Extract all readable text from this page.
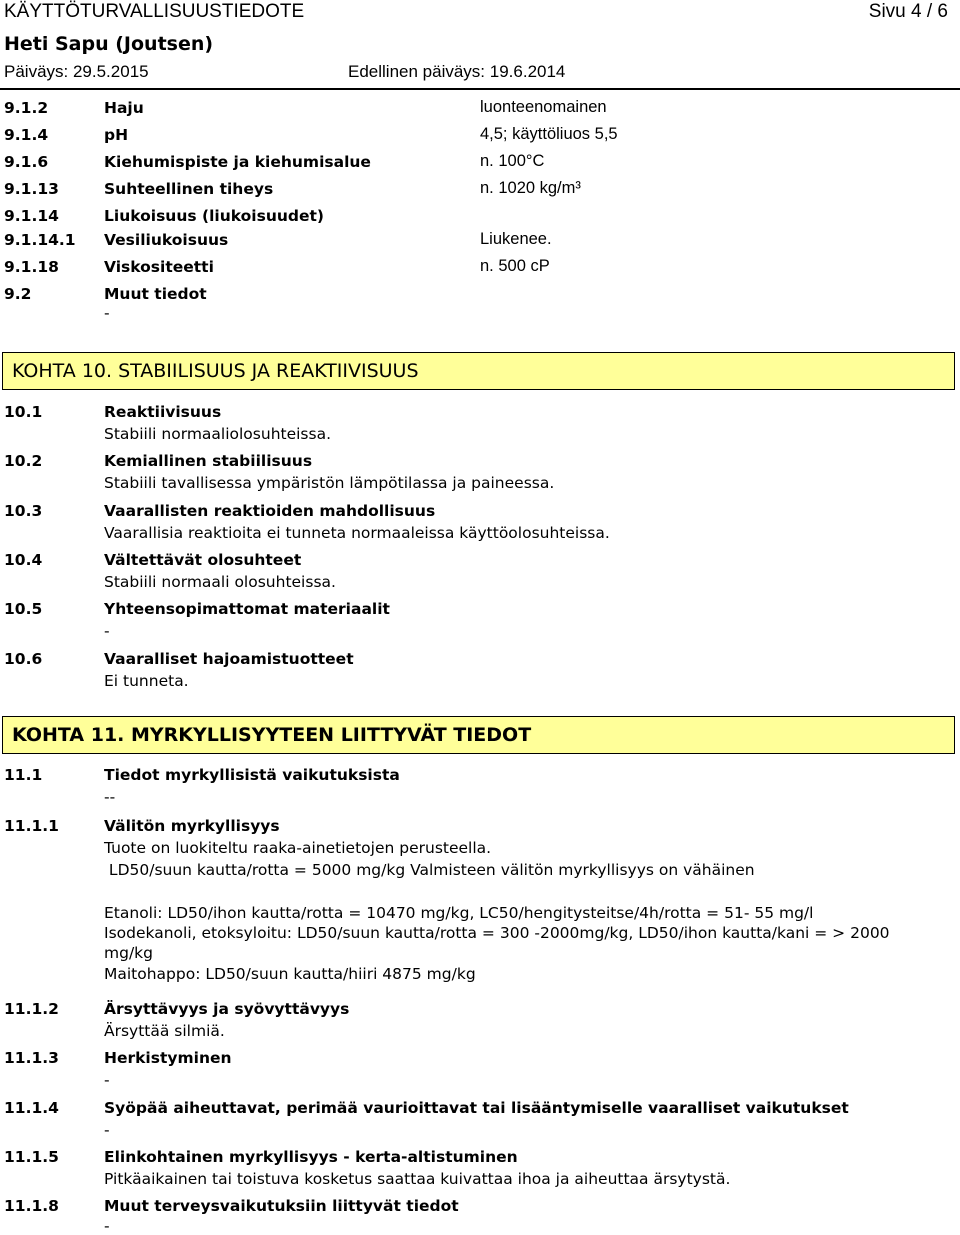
KÄYTTÖTURVALLISUUSTIEDOTE	Sivu 4 / 6
Heti Sapu (Joutsen)
Päiväys: 29.5.2015	Edellinen päiväys: 19.6.2014
9.1.2	Haju	luonteenomainen
9.1.4	pH	4,5; käyttöliuos 5,5
9.1.6	Kiehumispiste ja kiehumisalue	n. 100°C
9.1.13	Suhteellinen tiheys	n. 1020 kg/m³
9.1.14	Liukoisuus (liukoisuudet)
9.1.14.1 Vesiliukoisuus	Liukenee.
9.1.18	Viskositeetti	n. 500 cP
9.2	Muut tiedot
-
KOHTA 10. STABIILISUUS JA REAKTIIVISUUS
10.1	Reaktiivisuus
Stabiili normaaliolosuhteissa.
10.2	Kemiallinen stabiilisuus
Stabiili tavallisessa ympäristön lämpötilassa ja paineessa.
10.3	Vaarallisten reaktioiden mahdollisuus
Vaarallisia reaktioita ei tunneta normaaleissa käyttöolosuhteissa.
10.4	Vältettävät olosuhteet
Stabiili normaali olosuhteissa.
10.5	Yhteensopimattomat materiaalit
-
10.6	Vaaralliset hajoamistuotteet
Ei tunneta.
KOHTA 11. MYRKYLLISYYTEEN LIITTYVÄT TIEDOT
11.1	Tiedot myrkyllisistä vaikutuksista
--
11.1.1	Välitön myrkyllisyys
Tuote on luokiteltu raaka-ainetietojen perusteella.
LD50/suun kautta/rotta = 5000 mg/kg Valmisteen välitön myrkyllisyys on vähäinen
Etanoli: LD50/ihon kautta/rotta = 10470 mg/kg, LC50/hengitysteitse/4h/rotta = 51- 55 mg/l
Isodekanoli, etoksyloitu: LD50/suun kautta/rotta = 300 -2000mg/kg, LD50/ihon kautta/kani = > 2000
mg/kg
Maitohappo: LD50/suun kautta/hiiri 4875 mg/kg
11.1.2	Ärsyttävyys ja syövyttävyys
Ärsyttää silmiä.
11.1.3	Herkistyminen
-
11.1.4	Syöpää aiheuttavat, perimää vaurioittavat tai lisääntymiselle vaaralliset vaikutukset
-
11.1.5	Elinkohtainen myrkyllisyys - kerta-altistuminen
Pitkäaikainen tai toistuva kosketus saattaa kuivattaa ihoa ja aiheuttaa ärsytystä.
11.1.8	Muut terveysvaikutuksiin liittyvät tiedot
-
